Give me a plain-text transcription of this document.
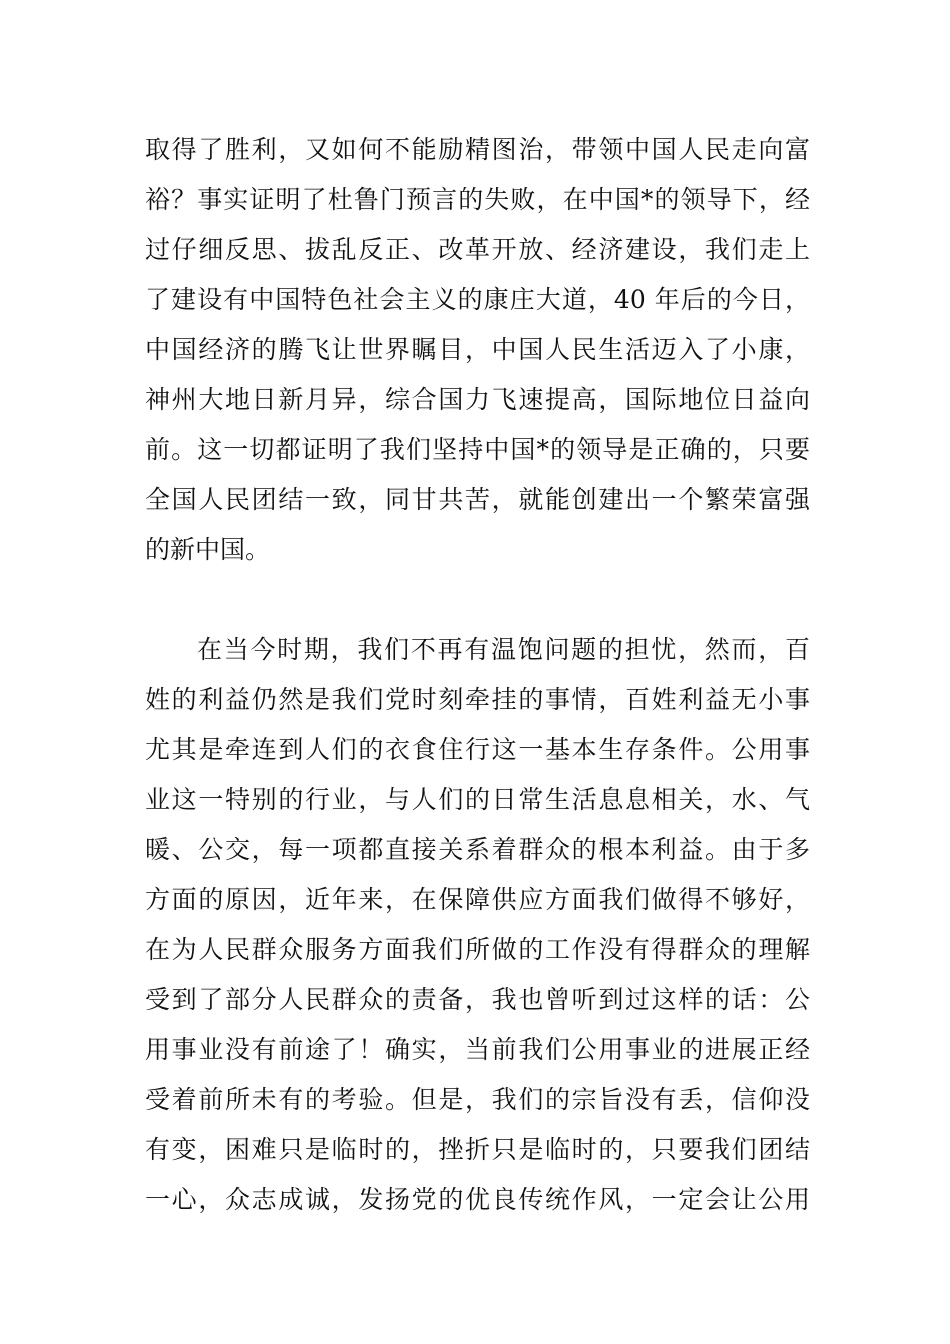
取得了胜利，又如何不能励精图治，带领中国人民走向富
裕？事实证明了杜鲁门预言的失败，在中国*的领导下，经
过仔细反思、拔乱反正、改革开放、经济建设，我们走上
了建设有中国特色社会主义的康庄大道，40 年后的今日，
中国经济的腾飞让世界瞩目，中国人民生活迈入了小康，
神州大地日新月异，综合国力飞速提高，国际地位日益向
前。这一切都证明了我们坚持中国*的领导是正确的，只要
全国人民团结一致，同甘共苦，就能创建出一个繁荣富强
的新中国。
在当今时期，我们不再有温饱问题的担忧，然而，百
姓的利益仍然是我们党时刻牵挂的事情，百姓利益无小事
尤其是牵连到人们的衣食住行这一基本生存条件。公用事
业这一特别的行业，与人们的日常生活息息相关，水、气
暖、公交，每一项都直接关系着群众的根本利益。由于多
方面的原因，近年来，在保障供应方面我们做得不够好，
在为人民群众服务方面我们所做的工作没有得群众的理解
受到了部分人民群众的责备，我也曾听到过这样的话：公
用事业没有前途了！确实，当前我们公用事业的进展正经
受着前所未有的考验。但是，我们的宗旨没有丢，信仰没
有变，困难只是临时的，挫折只是临时的，只要我们团结
一心，众志成诚，发扬党的优良传统作风，一定会让公用
